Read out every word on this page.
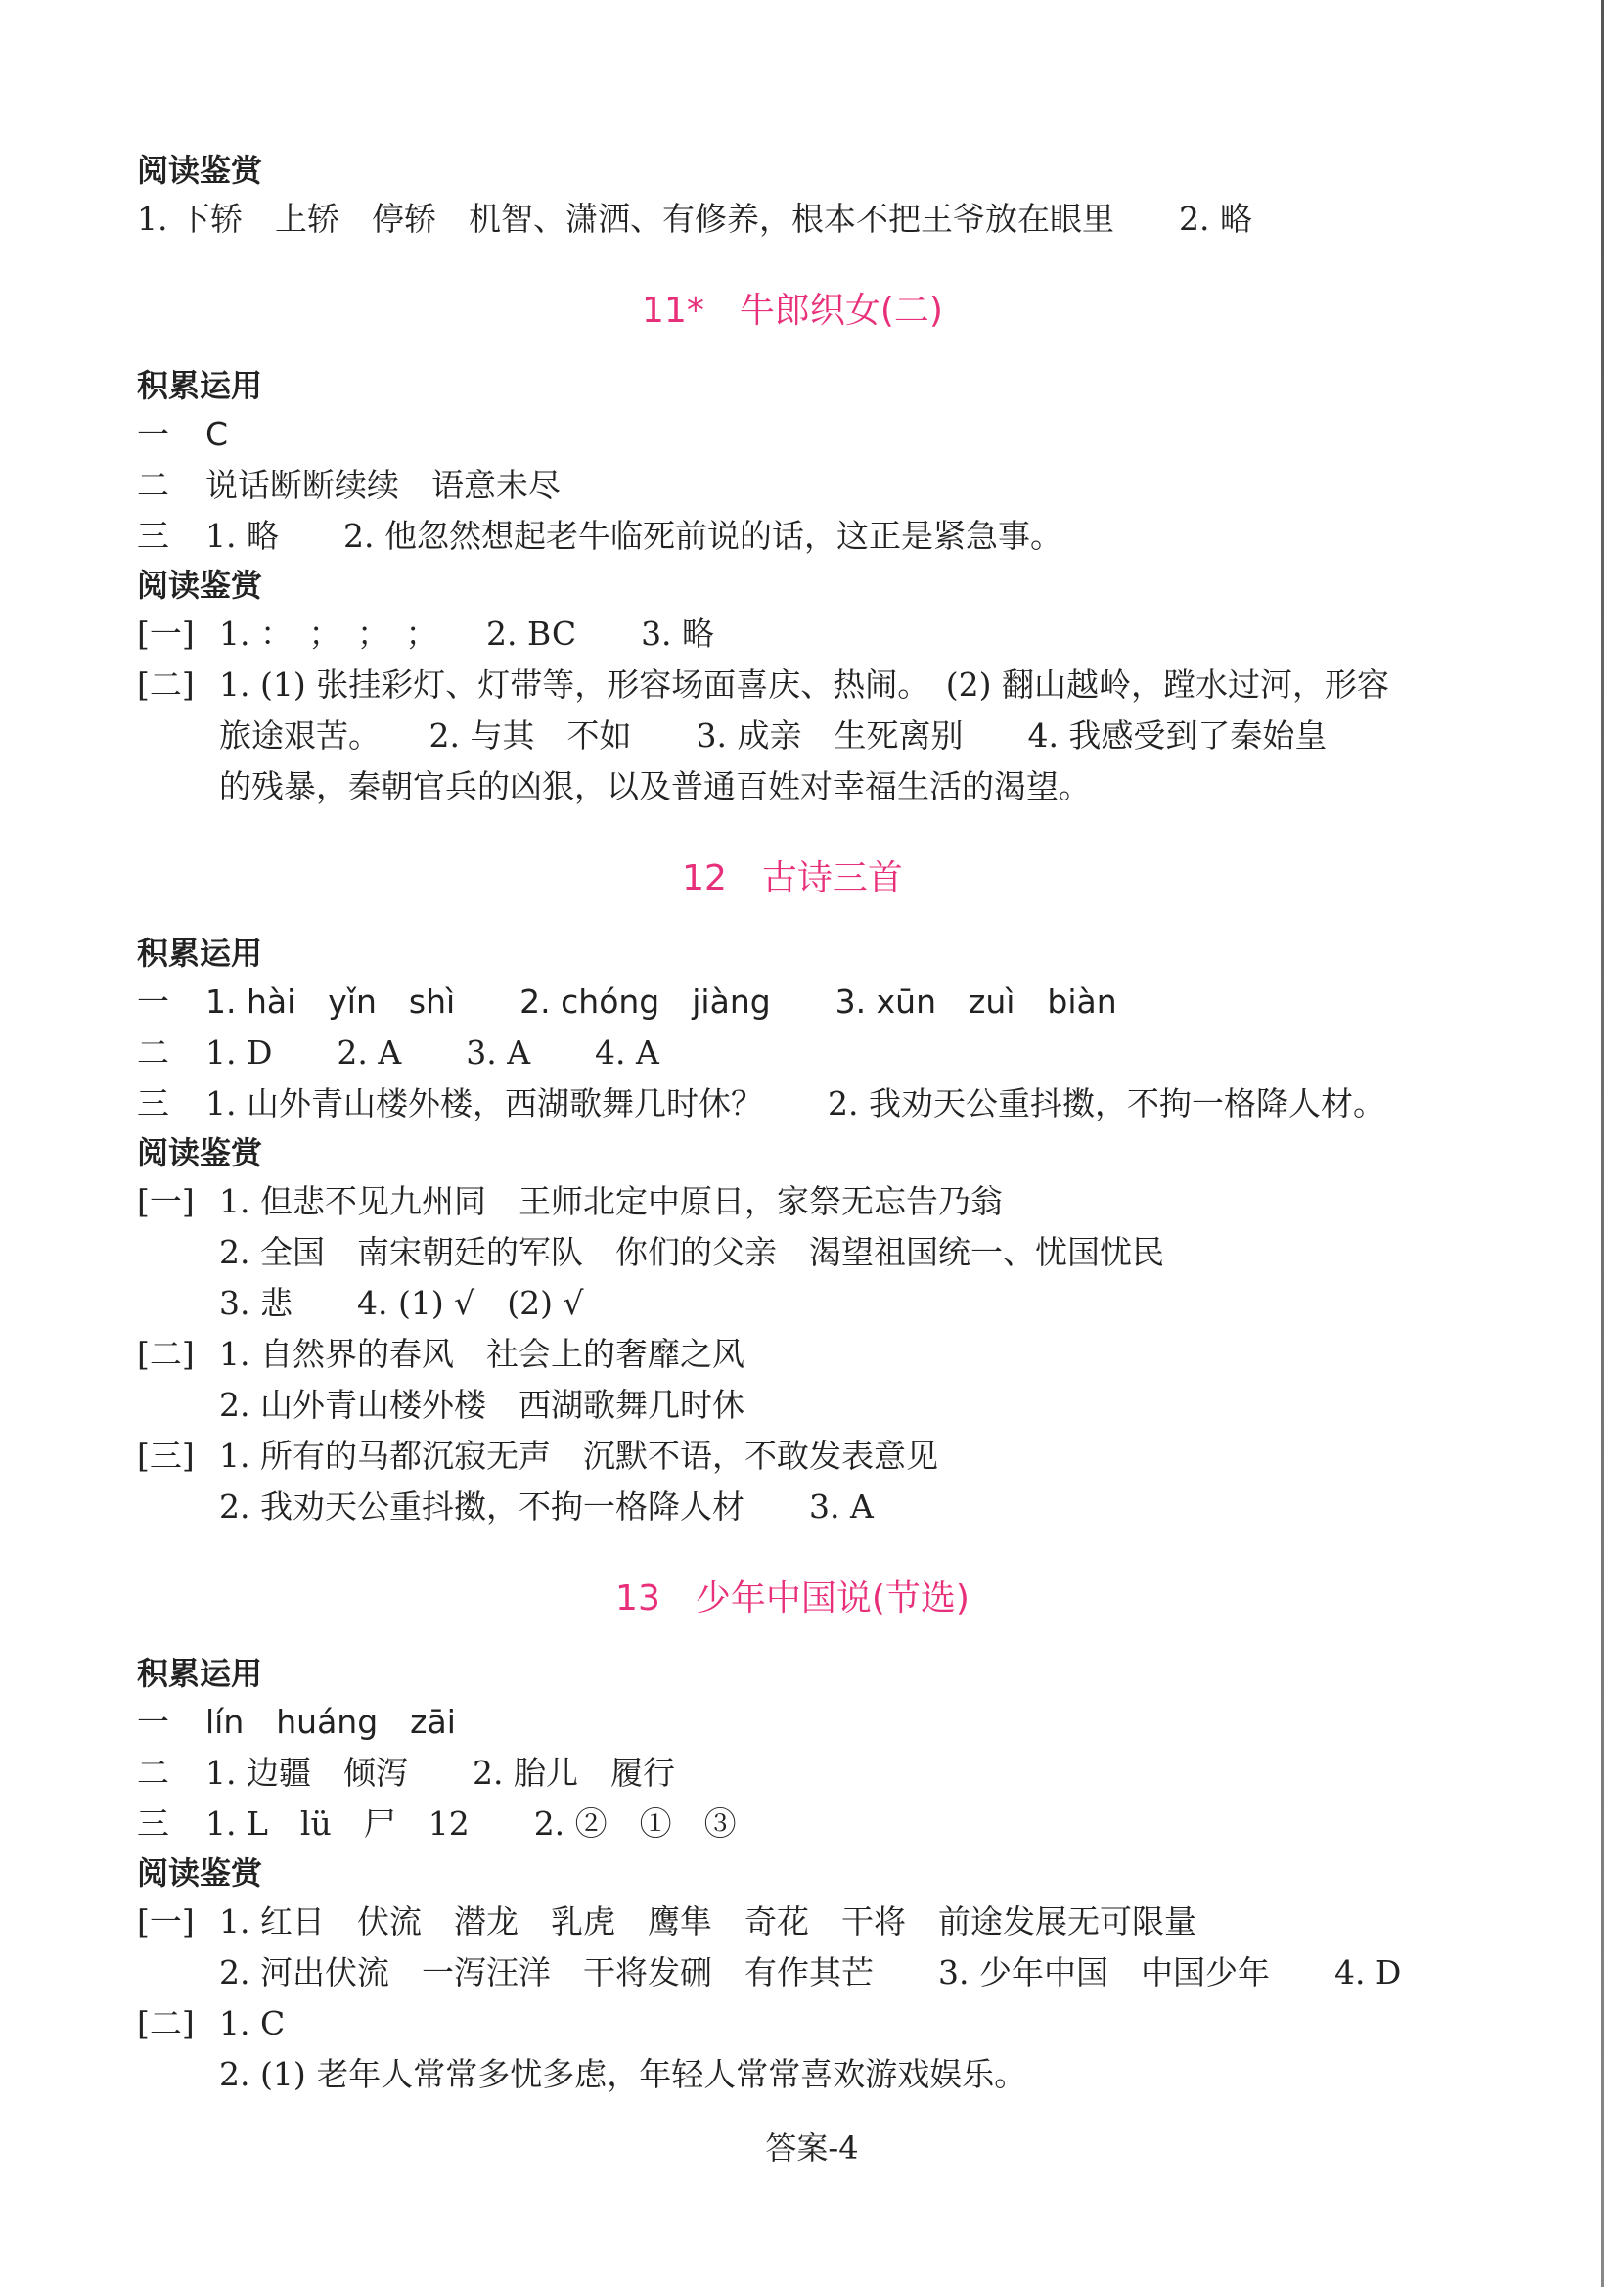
阅读鉴赏
1. 下轿　上轿　停轿　机智、潇洒、有修养，根本不把王爷放在眼里　　2. 略
11*　牛郎织女(二)
积累运用
一 C
二 说话断断续续　语意未尽
三 1. 略　　2. 他忽然想起老牛临死前说的话，这正是紧急事。
阅读鉴赏
[一] 1. ：　；　；　；　　2. BC　　3. 略
[二] 1. (1) 张挂彩灯、灯带等，形容场面喜庆、热闹。　(2) 翻山越岭，蹚水过河，形容
旅途艰苦。　　2. 与其　不如　　3. 成亲　生死离别　　4. 我感受到了秦始皇
的残暴，秦朝官兵的凶狠，以及普通百姓对幸福生活的渴望。
12　古诗三首
积累运用
一 1. hài　yǐn　shì　　2. chóng　jiàng　　3. xūn　zuì　biàn
二 1. D　　2. A　　3. A　　4. A
三 1. 山外青山楼外楼，西湖歌舞几时休？　　2. 我劝天公重抖擞，不拘一格降人材。
阅读鉴赏
[一] 1. 但悲不见九州同　王师北定中原日，家祭无忘告乃翁
2. 全国　南宋朝廷的军队　你们的父亲　渴望祖国统一、忧国忧民
3. 悲　　4. (1) √　(2) √
[二] 1. 自然界的春风　社会上的奢靡之风
2. 山外青山楼外楼　西湖歌舞几时休
[三] 1. 所有的马都沉寂无声　沉默不语，不敢发表意见
2. 我劝天公重抖擞，不拘一格降人材　　3. A
13　少年中国说(节选)
积累运用
一 lín　huáng　zāi
二 1. 边疆　倾泻　　2. 胎儿　履行
三 1. L　lü　尸　12　　2. ②　①　③
阅读鉴赏
[一] 1. 红日　伏流　潜龙　乳虎　鹰隼　奇花　干将　前途发展无可限量
2. 河出伏流　一泻汪洋　干将发硎　有作其芒　　3. 少年中国　中国少年　　4. D
[二] 1. C
2. (1) 老年人常常多忧多虑，年轻人常常喜欢游戏娱乐。
答案-4
